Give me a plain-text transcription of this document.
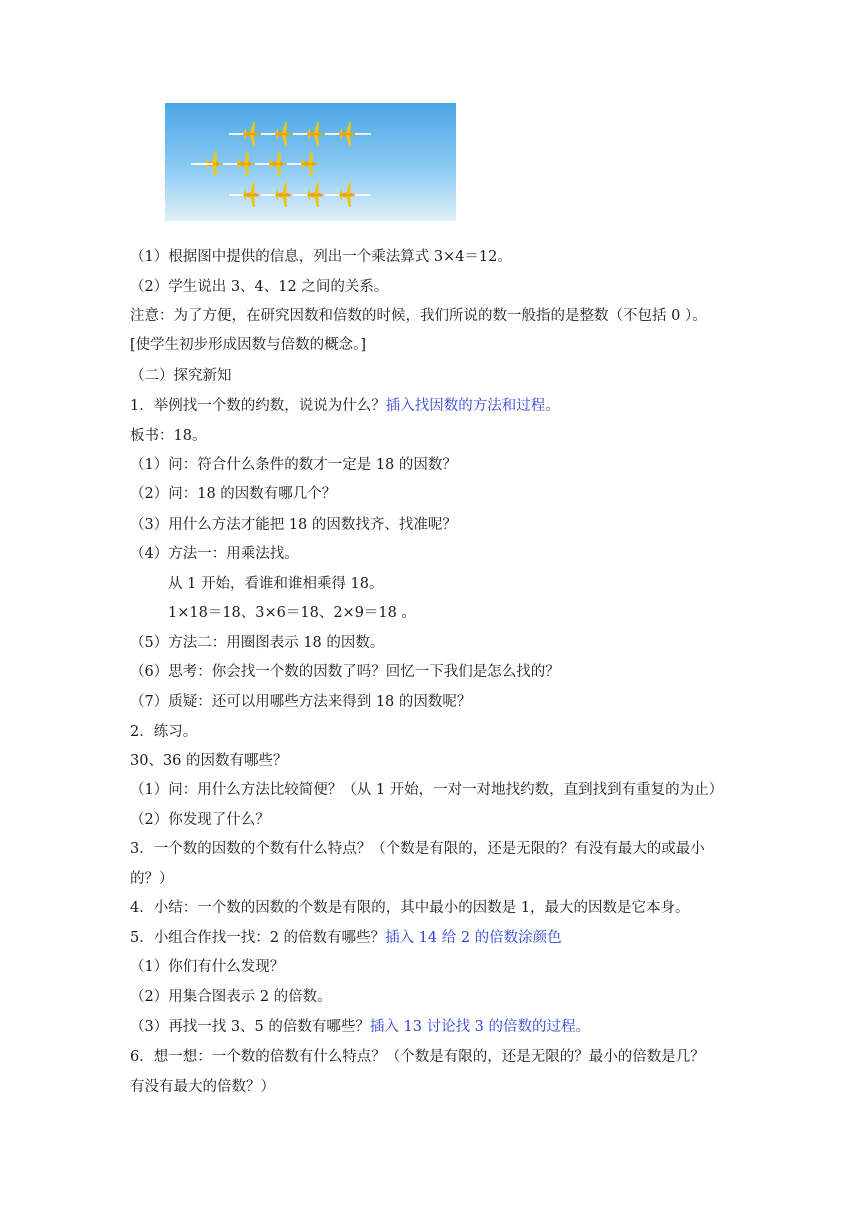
（1）根据图中提供的信息，列出一个乘法算式 3×4＝12。
（2）学生说出 3、4、12 之间的关系。
注意：为了方便，在研究因数和倍数的时候，我们所说的数一般指的是整数（不包括 0 ）。
[使学生初步形成因数与倍数的概念。]
（二）探究新知
1．举例找一个数的约数，说说为什么？插入找因数的方法和过程。
板书：18。
（1）问：符合什么条件的数才一定是 18 的因数？
（2）问：18 的因数有哪几个？
（3）用什么方法才能把 18 的因数找齐、找准呢？
（4）方法一：用乘法找。
从 1 开始，看谁和谁相乘得 18。
1×18＝18、3×6＝18、2×9＝18 。
（5）方法二：用圈图表示 18 的因数。
（6）思考：你会找一个数的因数了吗？回忆一下我们是怎么找的？
（7）质疑：还可以用哪些方法来得到 18 的因数呢？
2．练习。
30、36 的因数有哪些？
（1）问：用什么方法比较简便？（从 1 开始，一对一对地找约数，直到找到有重复的为止）
（2）你发现了什么？
3．一个数的因数的个数有什么特点？（个数是有限的，还是无限的？有没有最大的或最小
的？）
4．小结：一个数的因数的个数是有限的，其中最小的因数是 1，最大的因数是它本身。
5．小组合作找一找：2 的倍数有哪些？插入 14 给 2 的倍数涂颜色
（1）你们有什么发现？
（2）用集合图表示 2 的倍数。
（3）再找一找 3、5 的倍数有哪些？插入 13 讨论找 3 的倍数的过程。
6．想一想：一个数的倍数有什么特点？（个数是有限的，还是无限的？最小的倍数是几？
有没有最大的倍数？）
